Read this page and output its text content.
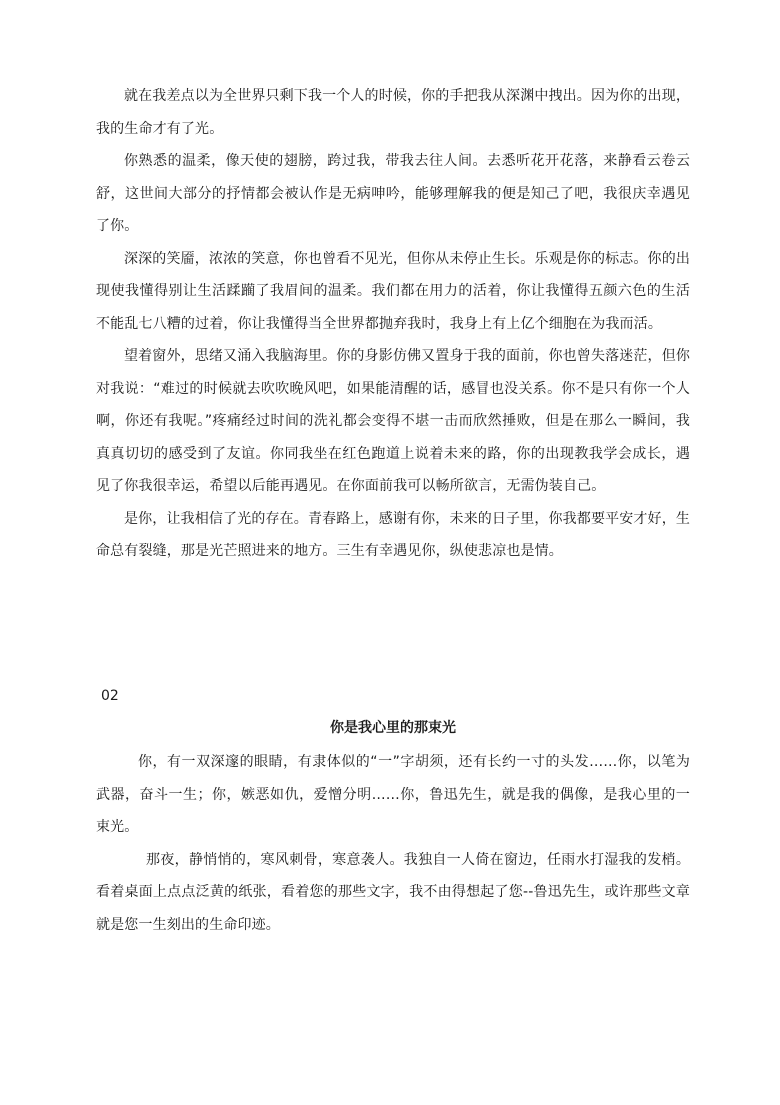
就在我差点以为全世界只剩下我一个人的时候，你的手把我从深渊中拽出。因为你的出现，我的生命才有了光。

你熟悉的温柔，像天使的翅膀，跨过我，带我去往人间。去悉听花开花落，来静看云卷云舒，这世间大部分的抒情都会被认作是无病呻吟，能够理解我的便是知己了吧，我很庆幸遇见了你。

深深的笑靥，浓浓的笑意，你也曾看不见光，但你从未停止生长。乐观是你的标志。你的出现使我懂得别让生活蹂躏了我眉间的温柔。我们都在用力的活着，你让我懂得五颜六色的生活不能乱七八糟的过着，你让我懂得当全世界都抛弃我时，我身上有上亿个细胞在为我而活。

望着窗外，思绪又涌入我脑海里。你的身影仿佛又置身于我的面前，你也曾失落迷茫，但你对我说：“难过的时候就去吹吹晚风吧，如果能清醒的话，感冒也没关系。你不是只有你一个人啊，你还有我呢。”疼痛经过时间的洗礼都会变得不堪一击而欣然捶败，但是在那么一瞬间，我真真切切的感受到了友谊。你同我坐在红色跑道上说着未来的路，你的出现教我学会成长，遇见了你我很幸运，希望以后能再遇见。在你面前我可以畅所欲言，无需伪装自己。

是你，让我相信了光的存在。青春路上，感谢有你，未来的日子里，你我都要平安才好，生命总有裂缝，那是光芒照进来的地方。三生有幸遇见你，纵使悲凉也是情。

02

你是我心里的那束光

你，有一双深邃的眼睛，有隶体似的“一”字胡须，还有长约一寸的头发……你，以笔为武器，奋斗一生；你，嫉恶如仇，爱憎分明……你，鲁迅先生，就是我的偶像，是我心里的一束光。

那夜，静悄悄的，寒风刺骨，寒意袭人。我独自一人倚在窗边，任雨水打湿我的发梢。看着桌面上点点泛黄的纸张，看着您的那些文字，我不由得想起了您--鲁迅先生，或许那些文章就是您一生刻出的生命印迹。
